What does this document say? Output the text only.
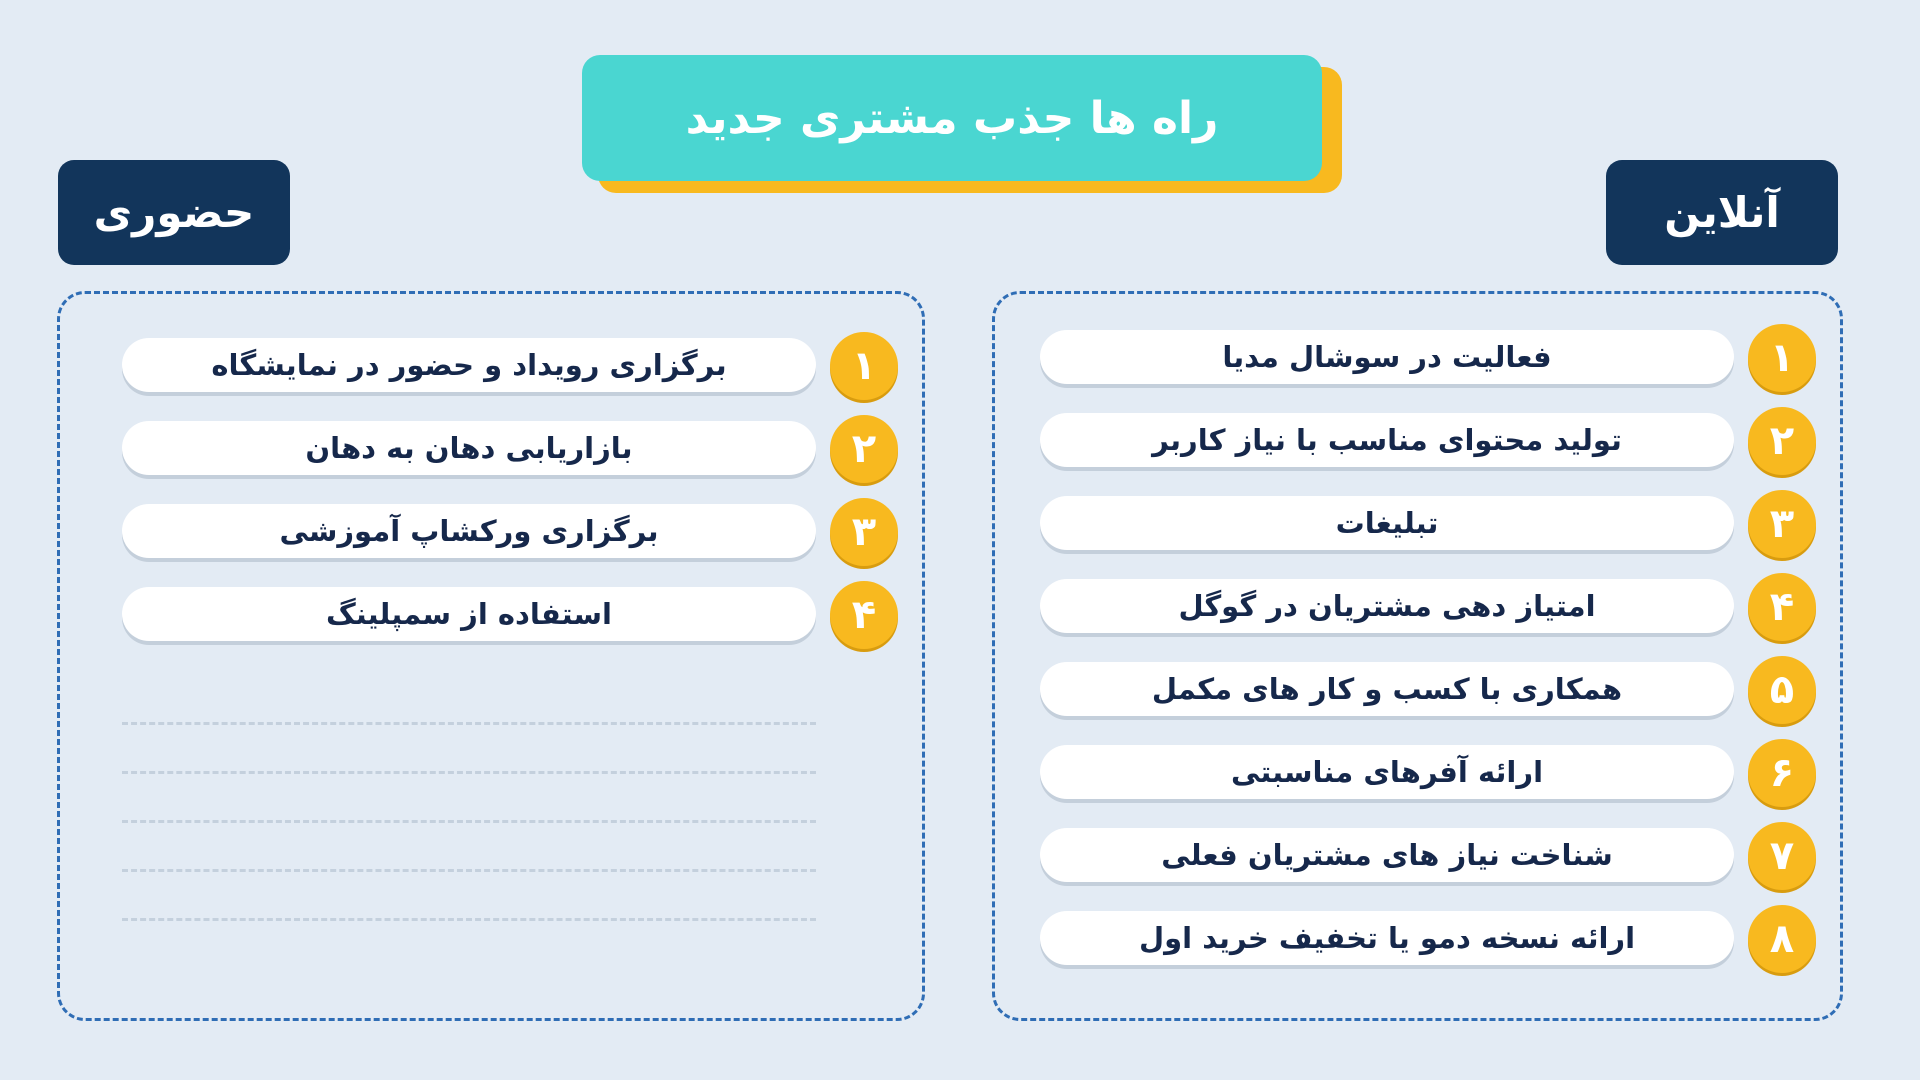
راه ها جذب مشتری جدید
حضوری	آنلاین
برگزاری رویداد و حضور در نمایشگاه	۱
بازاریابی دهان به دهان	۲
برگزاری ورکشاپ آموزشی	۳
استفاده از سمپلینگ	۴
فعالیت در سوشال مدیا	۱
تولید محتوای مناسب با نیاز کاربر	۲
تبلیغات	۳
امتیاز دهی مشتریان در گوگل	۴
همکاری با کسب و کار های مکمل	۵
ارائه آفرهای مناسبتی	۶
شناخت نیاز های مشتریان فعلی	۷
ارائه نسخه دمو یا تخفیف خرید اول	۸
